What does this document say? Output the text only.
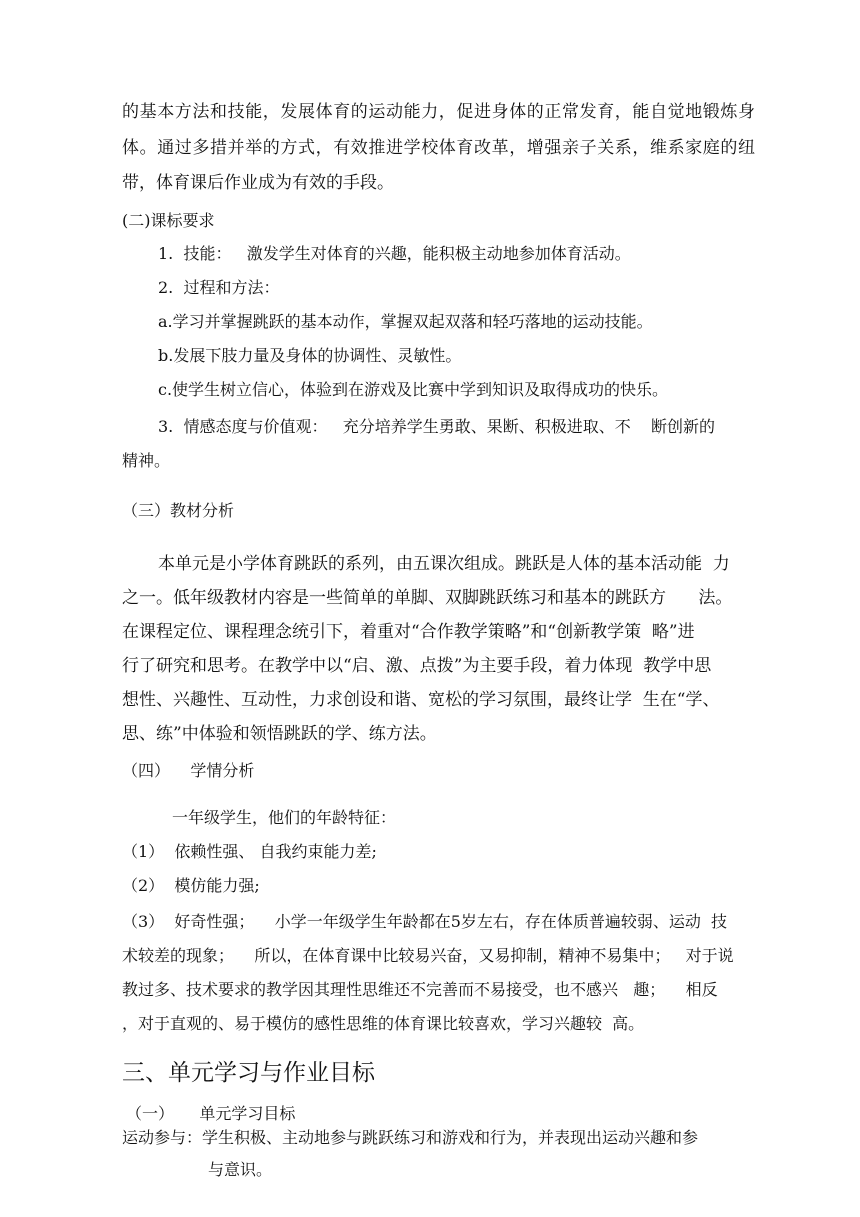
的基本方法和技能，发展体育的运动能力，促进身体的正常发育，能自觉地锻炼身
体。通过多措并举的方式，有效推进学校体育改革，增强亲子关系，维系家庭的纽
带，体育课后作业成为有效的手段。
(二)课标要求
1.  技能：   激发学生对体育的兴趣，能积极主动地参加体育活动。
2.  过程和方法：
a.学习并掌握跳跃的基本动作，掌握双起双落和轻巧落地的运动技能。
b.发展下肢力量及身体的协调性、灵敏性。
c.使学生树立信心，体验到在游戏及比赛中学到知识及取得成功的快乐。
3.  情感态度与价值观：   充分培养学生勇敢、果断、积极进取、不    断创新的
精神。
（三）教材分析
本单元是小学体育跳跃的系列，由五课次组成。跳跃是人体的基本活动能  力
之一。低年级教材内容是一些简单的单脚、双脚跳跃练习和基本的跳跃方      法。
在课程定位、课程理念统引下，着重对“合作教学策略”和“创新教学策  略”进
行了研究和思考。在教学中以“启、激、点拨”为主要手段，着力体现  教学中思
想性、兴趣性、互动性，力求创设和谐、宽松的学习氛围，最终让学  生在“学、
思、练”中体验和领悟跳跃的学、练方法。
（四）    学情分析
一年级学生，他们的年龄特征：
（1）  依赖性强、 自我约束能力差;
（2）  模仿能力强;
（3）  好奇性强；    小学一年级学生年龄都在5岁左右，存在体质普遍较弱、运动  技
术较差的现象；    所以，在体育课中比较易兴奋，又易抑制，精神不易集中；   对于说
教过多、技术要求的教学因其理性思维还不完善而不易接受，也不感兴   趣；    相反
，对于直观的、易于模仿的感性思维的体育课比较喜欢，学习兴趣较  高。
三、单元学习与作业目标
（一）     单元学习目标
运动参与：学生积极、主动地参与跳跃练习和游戏和行为，并表现出运动兴趣和参
与意识。
